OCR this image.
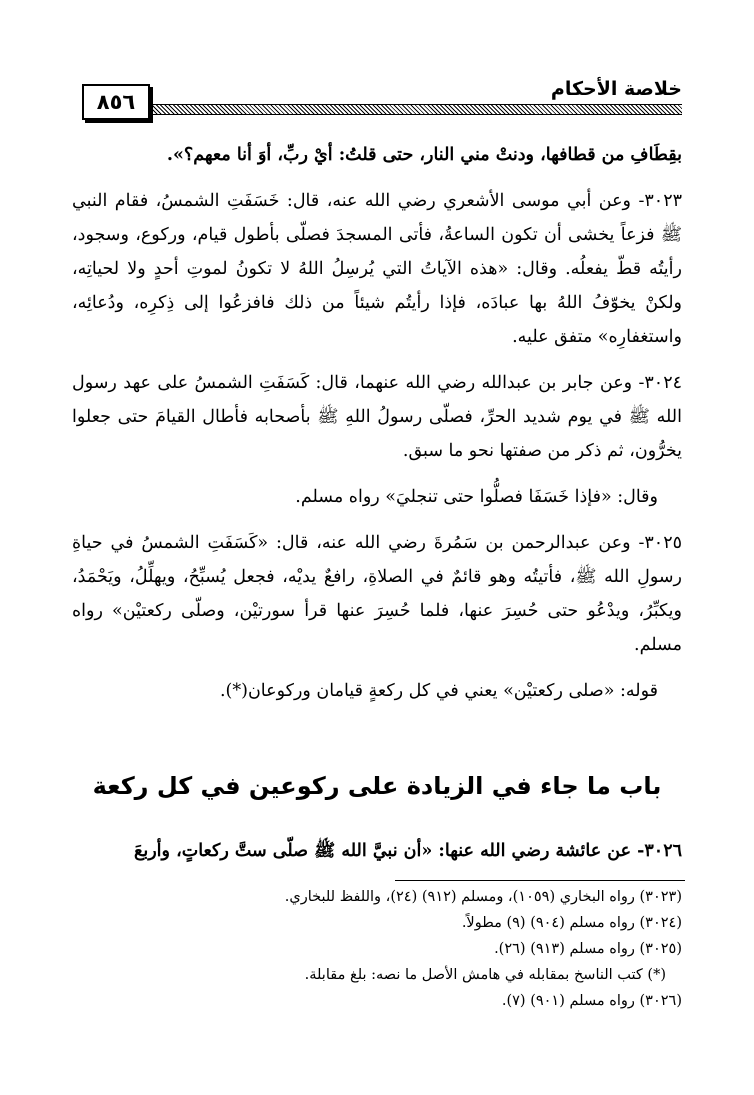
خلاصة الأحكام
٨٥٦

بقِطَافِ من قطافها، ودنتْ مني النار، حتى قلتُ: أيْ ربِّ، أوَ أنا معهم؟».

٣٠٢٣- وعن أبي موسى الأشعري رضي الله عنه، قال: خَسَفَتِ الشمسُ، فقام النبي ﷺ فزعاً يخشى أن تكون الساعةُ، فأتى المسجدَ فصلّى بأطول قيام، وركوع، وسجود، رأيتُه قطّ يفعلُه. وقال: «هذه الآياتُ التي يُرسِلُ اللهُ لا تكونُ لموتِ أحدٍ ولا لحياتِه، ولكنْ يخوّفُ اللهُ بها عبادَه، فإذا رأيتُم شيئاً من ذلك فافزعُوا إلى ذِكرِه، ودُعائِه، واستغفارِه» متفق عليه.

٣٠٢٤- وعن جابر بن عبدالله رضي الله عنهما، قال: كَسَفَتِ الشمسُ على عهد رسول الله ﷺ في يوم شديد الحرِّ، فصلّى رسولُ اللهِ ﷺ بأصحابه فأطال القيامَ حتى جعلوا يخرُّون، ثم ذكر من صفتها نحو ما سبق.

وقال: «فإذا خَسَفَا فصلُّوا حتى تنجليَ» رواه مسلم.

٣٠٢٥- وعن عبدالرحمن بن سَمُرةَ رضي الله عنه، قال: «كَسَفَتِ الشمسُ في حياةِ رسولِ الله ﷺ، فأتيتُه وهو قائمٌ في الصلاةِ، رافعٌ يديْه، فجعل يُسبِّحُ، ويهلِّلُ، ويَحْمَدُ، ويكبِّرُ، ويدْعُو حتى حُسِرَ عنها، فلما حُسِرَ عنها قرأ سورتيْن، وصلّى ركعتيْن» رواه مسلم.

قوله: «صلى ركعتيْن» يعني في كل ركعةٍ قيامان وركوعان(*).

باب ما جاء في الزيادة على ركوعين في كل ركعة

٣٠٢٦- عن عائشة رضي الله عنها: «أن نبيَّ الله ﷺ صلّى ستَّ ركعاتٍ، وأربعَ

(٣٠٢٣) رواه البخاري (١٠٥٩)، ومسلم (٩١٢) (٢٤)، واللفظ للبخاري.

(٣٠٢٤) رواه مسلم (٩٠٤) (٩) مطولاً.

(٣٠٢٥) رواه مسلم (٩١٣) (٢٦).

(*) كتب الناسخ بمقابله في هامش الأصل ما نصه: بلغ مقابلة.

(٣٠٢٦) رواه مسلم (٩٠١) (٧).
